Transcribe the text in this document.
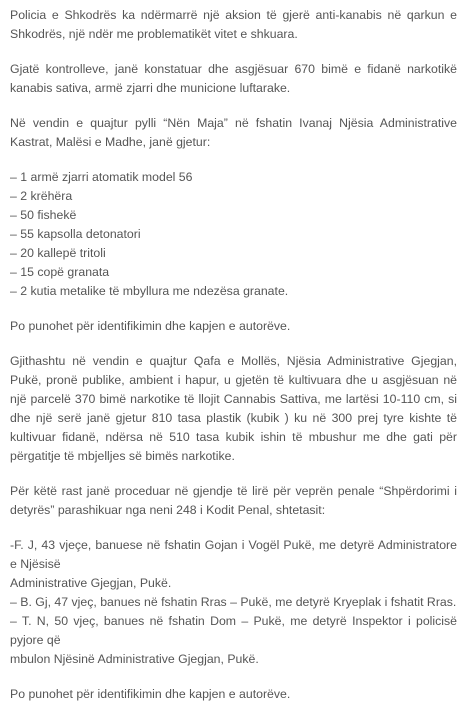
Policia e Shkodrës ka ndërmarrë një aksion të gjerë anti-kanabis në qarkun e Shkodrës, një ndër me problematikët vitet e shkuara.

Gjatë kontrolleve, janë konstatuar dhe asgjësuar 670 bimë e fidanë narkotikë kanabis sativa, armë zjarri dhe municione luftarake.

Në vendin e quajtur pylli “Nën Maja” në fshatin Ivanaj Njësia Administrative Kastrat, Malësi e Madhe, janë gjetur:

– 1 armë zjarri atomatik model 56
– 2 krëhëra
– 50 fishekë
– 55 kapsolla detonatori
– 20 kallepë tritoli
– 15 copë granata
– 2 kutia metalike të mbyllura me ndezësa granate.

Po punohet për identifikimin dhe kapjen e autorëve.

Gjithashtu në vendin e quajtur Qafa e Mollës, Njësia Administrative Gjegjan, Pukë, pronë publike, ambient i hapur, u gjetën të kultivuara dhe u asgjësuan në një parcelë 370 bimë narkotike të llojit Cannabis Sattiva, me lartësi 10-110 cm, si dhe një serë janë gjetur 810 tasa plastik (kubik ) ku në 300 prej tyre kishte të kultivuar fidanë, ndërsa në 510 tasa kubik ishin të mbushur me dhe gati për përgatitje të mbjelljes së bimës narkotike.

Për këtë rast janë proceduar në gjendje të lirë për veprën penale “Shpërdorimi i detyrës” parashikuar nga neni 248 i Kodit Penal, shtetasit:

-F. J, 43 vjeçe, banuese në fshatin Gojan i Vogël Pukë, me detyrë Administratore e Njësisë
Administrative Gjegjan, Pukë.
– B. Gj, 47 vjeç, banues në fshatin Rras – Pukë, me detyrë Kryeplak i fshatit Rras.
– T. N, 50 vjeç, banues në fshatin Dom – Pukë, me detyrë Inspektor i policisë pyjore që
mbulon Njësinë Administrative Gjegjan, Pukë.

Po punohet për identifikimin dhe kapjen e autorëve.
